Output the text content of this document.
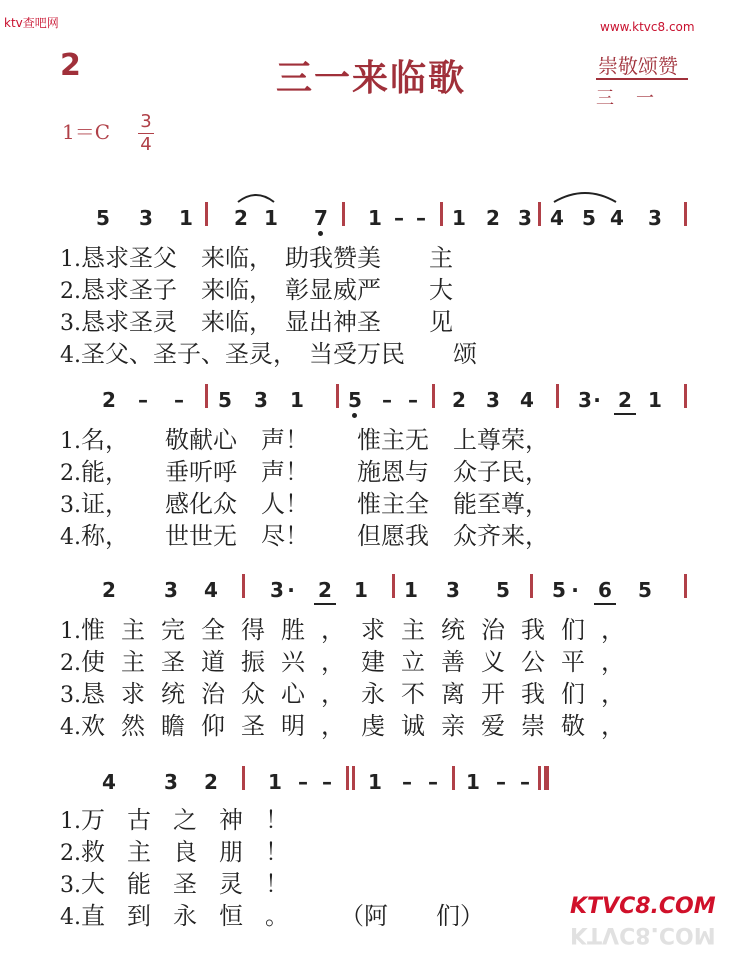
ktv查吧网	www.ktvc8.com
2	三一来临歌	崇敬颂赞
三　一
1＝C 3
4
5	3	1	2 1	7	1 – –	1	2 3 4 5 4	3
1.恳求圣父　来临，　助我赞美　　主
2.恳求圣子　来临，　彰显威严　　大
3.恳求圣灵　来临，　显出神圣　　见
4.圣父、圣子、圣灵，　当受万民　　颂
2	–	–	5	3	1	5	– –	2	3	4	3 · 2 1
1.名，　　敬献心　声！　　惟主无　上尊荣，
2.能，　　垂听呼　声！　　施恩与　众子民，
3.证，　　感化众　人！　　惟主全　能至尊，
4.称，　　世世无　尽！　　但愿我　众齐来，
2	3	4	3 ·	2	1	1	3	5	5 · 6	5
1.惟主完全得胜，求主统治我们，
2.使主圣道振兴，建立善义公平，
3.恳求统治众心，永不离开我们，
4.欢然瞻仰圣明，虔诚亲爱崇敬，
4	3	2	1 – –	1	– –	1 – –
1.万古之神！
2.救主良朋！
3.大能圣灵！
4.直到永恒。 （阿　　们）	KTVC8.COM
KTVC8.COM
